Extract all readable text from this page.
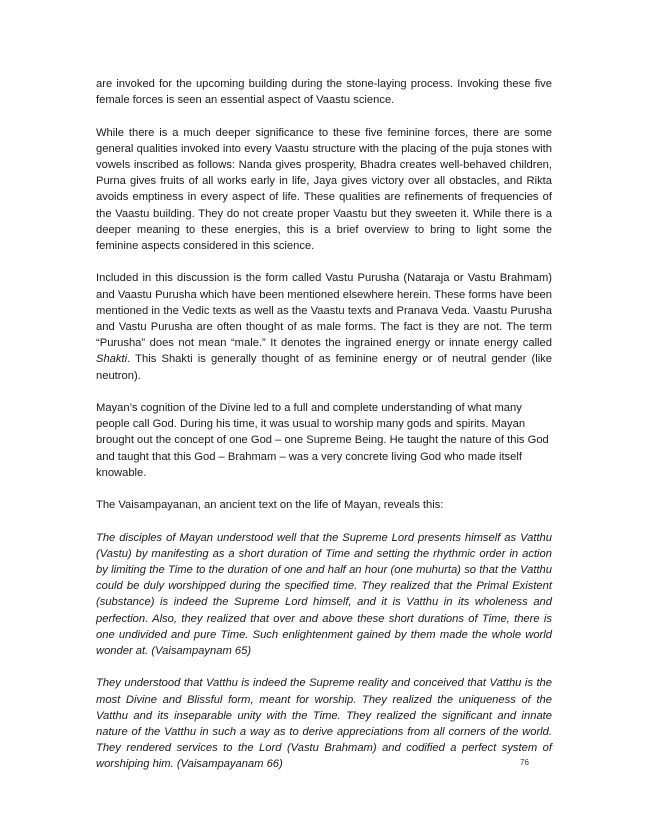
are invoked for the upcoming building during the stone-laying process. Invoking these five female forces is seen an essential aspect of Vaastu science.

While there is a much deeper significance to these five feminine forces, there are some general qualities invoked into every Vaastu structure with the placing of the puja stones with vowels inscribed as follows: Nanda gives prosperity, Bhadra creates well-behaved children, Purna gives fruits of all works early in life, Jaya gives victory over all obstacles, and Rikta avoids emptiness in every aspect of life. These qualities are refinements of frequencies of the Vaastu building. They do not create proper Vaastu but they sweeten it. While there is a deeper meaning to these energies, this is a brief overview to bring to light some the feminine aspects considered in this science.

Included in this discussion is the form called Vastu Purusha (Nataraja or Vastu Brahmam) and Vaastu Purusha which have been mentioned elsewhere herein. These forms have been mentioned in the Vedic texts as well as the Vaastu texts and Pranava Veda. Vaastu Purusha and Vastu Purusha are often thought of as male forms. The fact is they are not. The term “Purusha” does not mean “male.” It denotes the ingrained energy or innate energy called Shakti. This Shakti is generally thought of as feminine energy or of neutral gender (like neutron).

Mayan’s cognition of the Divine led to a full and complete understanding of what many people call God. During his time, it was usual to worship many gods and spirits. Mayan brought out the concept of one God – one Supreme Being. He taught the nature of this God and taught that this God – Brahmam – was a very concrete living God who made itself knowable.

The Vaisampayanan, an ancient text on the life of Mayan, reveals this:

The disciples of Mayan understood well that the Supreme Lord presents himself as Vatthu (Vastu) by manifesting as a short duration of Time and setting the rhythmic order in action by limiting the Time to the duration of one and half an hour (one muhurta) so that the Vatthu could be duly worshipped during the specified time. They realized that the Primal Existent (substance) is indeed the Supreme Lord himself, and it is Vatthu in its wholeness and perfection. Also, they realized that over and above these short durations of Time, there is one undivided and pure Time. Such enlightenment gained by them made the whole world wonder at. (Vaisampaynam 65)

They understood that Vatthu is indeed the Supreme reality and conceived that Vatthu is the most Divine and Blissful form, meant for worship. They realized the uniqueness of the Vatthu and its inseparable unity with the Time. They realized the significant and innate nature of the Vatthu in such a way as to derive appreciations from all corners of the world. They rendered services to the Lord (Vastu Brahmam) and codified a perfect system of worshiping him. (Vaisampayanam 66)	76
